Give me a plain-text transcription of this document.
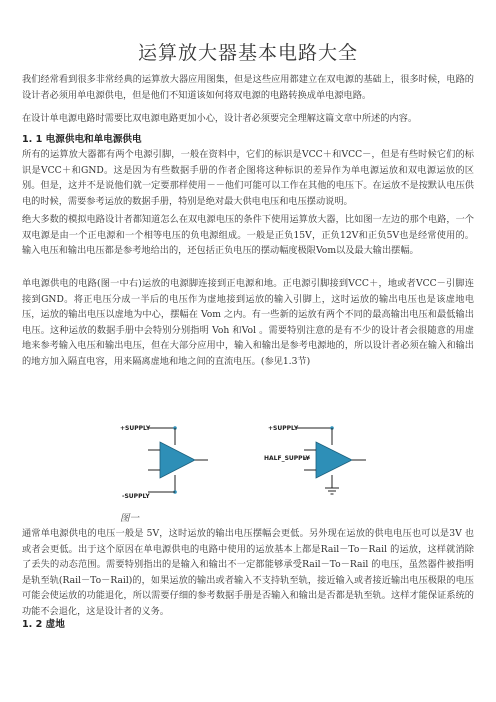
运算放大器基本电路大全

我们经常看到很多非常经典的运算放大器应用图集，但是这些应用都建立在双电源的基础上，很多时候，电路的设计者必须用单电源供电，但是他们不知道该如何将双电源的电路转换成单电源电路。

在设计单电源电路时需要比双电源电路更加小心，设计者必须要完全理解这篇文章中所述的内容。

1. 1 电源供电和单电源供电

所有的运算放大器都有两个电源引脚，一般在资料中，它们的标识是VCC＋和VCC－，但是有些时候它们的标识是VCC＋和GND。这是因为有些数据手册的作者企图将这种标识的差异作为单电源运放和双电源运放的区别。但是，这并不是说他们就一定要那样使用－－他们可能可以工作在其他的电压下。在运放不是按默认电压供电的时候，需要参考运放的数据手册，特别是绝对最大供电电压和电压摆动说明。

绝大多数的模拟电路设计者都知道怎么在双电源电压的条件下使用运算放大器，比如图一左边的那个电路，一个双电源是由一个正电源和一个相等电压的负电源组成。一般是正负15V，正负12V和正负5V也是经常使用的。输入电压和输出电压都是参考地给出的，还包括正负电压的摆动幅度极限Vom以及最大输出摆幅。

单电源供电的电路(图一中右)运放的电源脚连接到正电源和地。正电源引脚接到VCC＋，地或者VCC－引脚连接到GND。将正电压分成一半后的电压作为虚地接到运放的输入引脚上，这时运放的输出电压也是该虚地电压，运放的输出电压以虚地为中心，摆幅在 Vom 之内。有一些新的运放有两个不同的最高输出电压和最低输出电压。这种运放的数据手册中会特别分别指明 Voh 和Vol 。需要特别注意的是有不少的设计者会很随意的用虚地来参考输入电压和输出电压，但在大部分应用中，输入和输出是参考电源地的，所以设计者必须在输入和输出的地方加入隔直电容，用来隔离虚地和地之间的直流电压。(参见1.3节)

+SUPPLY
-SUPPLY
+SUPPLY
HALF_SUPPLY
图一

通常单电源供电的电压一般是 5V，这时运放的输出电压摆幅会更低。另外现在运放的供电电压也可以是3V 也或者会更低。出于这个原因在单电源供电的电路中使用的运放基本上都是Rail－To－Rail 的运放，这样就消除了丢失的动态范围。需要特别指出的是输入和输出不一定都能够承受Rail－To－Rail 的电压，虽然器件被指明是轨至轨(Rail－To－Rail)的，如果运放的输出或者输入不支持轨至轨，接近输入或者接近输出电压极限的电压可能会使运放的功能退化，所以需要仔细的参考数据手册是否输入和输出是否都是轨至轨。这样才能保证系统的功能不会退化，这是设计者的义务。

1. 2 虚地
